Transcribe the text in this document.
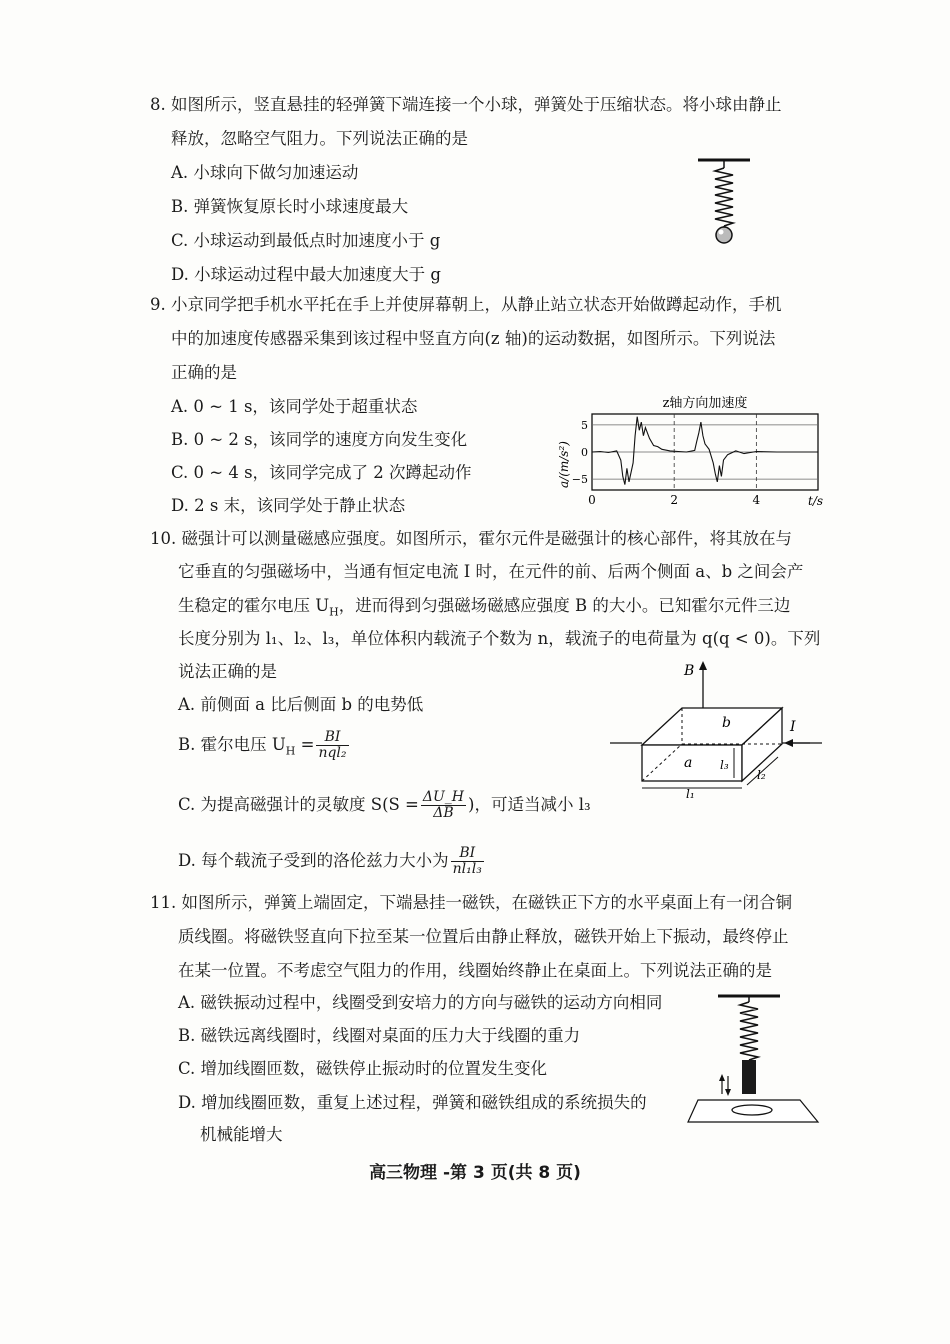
8. 如图所示，竖直悬挂的轻弹簧下端连接一个小球，弹簧处于压缩状态。将小球由静止
释放，忽略空气阻力。下列说法正确的是
A. 小球向下做匀加速运动
B. 弹簧恢复原长时小球速度最大
C. 小球运动到最低点时加速度小于 g
D. 小球运动过程中最大加速度大于 g
9. 小京同学把手机水平托在手上并使屏幕朝上，从静止站立状态开始做蹲起动作，手机
中的加速度传感器采集到该过程中竖直方向(z 轴)的运动数据，如图所示。下列说法
正确的是
A. 0 ~ 1 s，该同学处于超重状态
B. 0 ~ 2 s，该同学的速度方向发生变化
C. 0 ~ 4 s，该同学完成了 2 次蹲起动作
D. 2 s 末，该同学处于静止状态
z轴方向加速度
5
0
−5
0	2	4
a/(m/s²)
t/s
10. 磁强计可以测量磁感应强度。如图所示，霍尔元件是磁强计的核心部件，将其放在与
它垂直的匀强磁场中，当通有恒定电流 I 时，在元件的前、后两个侧面 a、b 之间会产
生稳定的霍尔电压 $U_H$，进而得到匀强磁场磁感应强度 B 的大小。已知霍尔元件三边
长度分别为 l₁、l₂、l₃，单位体积内载流子个数为 n，载流子的电荷量为 q(q < 0)。下列
说法正确的是
A. 前侧面 a 比后侧面 b 的电势低
B. 霍尔电压 $U_H = \frac{BI}{\text{nql₂}}$
C. 为提高磁强计的灵敏度 $S(S = \frac{\Delta U\_H}{\Delta B}$ )，可适当减小 l₃
D. 每个载流子受到的洛伦兹力大小为 $\frac{BI}{\text{nl₁l₃}}$
B
I
b
a l₃
l₂
l₁
11. 如图所示，弹簧上端固定，下端悬挂一磁铁，在磁铁正下方的水平桌面上有一闭合铜
质线圈。将磁铁竖直向下拉至某一位置后由静止释放，磁铁开始上下振动，最终停止
在某一位置。不考虑空气阻力的作用，线圈始终静止在桌面上。下列说法正确的是
A. 磁铁振动过程中，线圈受到安培力的方向与磁铁的运动方向相同
B. 磁铁远离线圈时，线圈对桌面的压力大于线圈的重力
C. 增加线圈匝数，磁铁停止振动时的位置发生变化
D. 增加线圈匝数，重复上述过程，弹簧和磁铁组成的系统损失的
机械能增大
高三物理 -第 3 页(共 8 页)
